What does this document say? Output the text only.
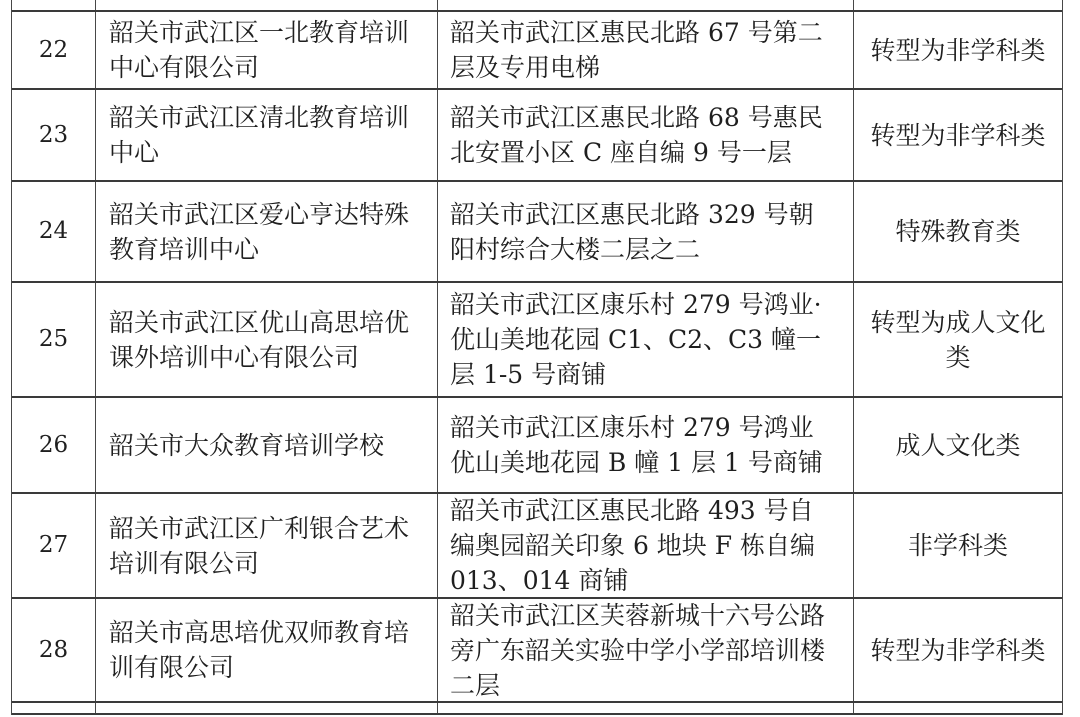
22
韶关市武江区一北教育培训中心有限公司
韶关市武江区惠民北路 67 号第二层及专用电梯
转型为非学科类
23
韶关市武江区清北教育培训中心
韶关市武江区惠民北路 68 号惠民北安置小区 C 座自编 9 号一层
转型为非学科类
24
韶关市武江区爱心亨达特殊教育培训中心
韶关市武江区惠民北路 329 号朝阳村综合大楼二层之二
特殊教育类
25
韶关市武江区优山高思培优课外培训中心有限公司
韶关市武江区康乐村 279 号鸿业·优山美地花园 C1、C2、C3 幢一层 1-5 号商铺
转型为成人文化类
26	韶关市大众教育培训学校
韶关市武江区康乐村 279 号鸿业优山美地花园 B 幢 1 层 1 号商铺
成人文化类
27
韶关市武江区广利银合艺术培训有限公司
韶关市武江区惠民北路 493 号自编奥园韶关印象 6 地块 F 栋自编 013、014 商铺
非学科类
28
韶关市高思培优双师教育培训有限公司
韶关市武江区芙蓉新城十六号公路旁广东韶关实验中学小学部培训楼二层
转型为非学科类
